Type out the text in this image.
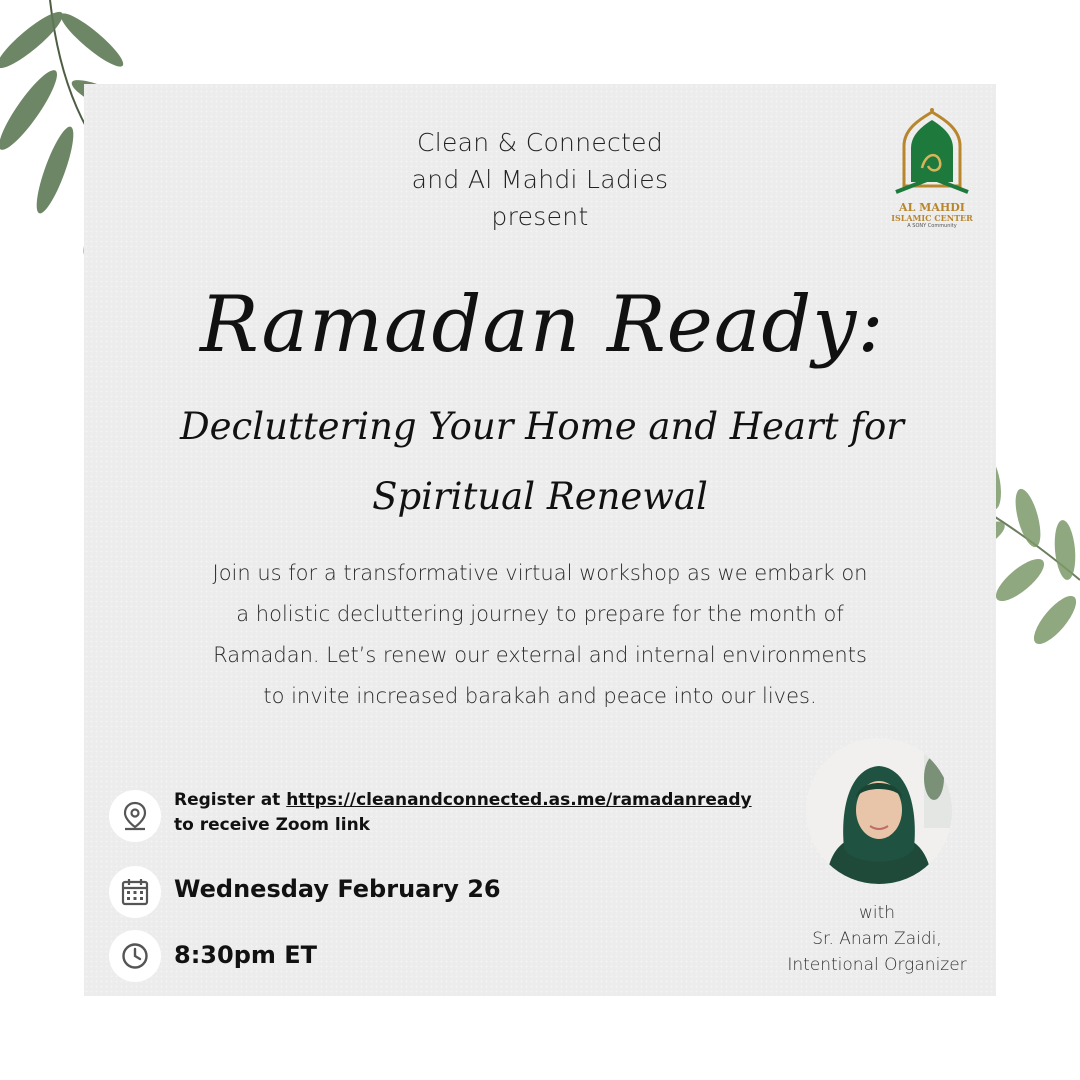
Clean & Connected
and Al Mahdi Ladies
present	AL MAHDI
ISLAMIC CENTER
A SONY Community
Ramadan Ready:
Decluttering Your Home and Heart for
Spiritual Renewal
Join us for a transformative virtual workshop as we embark on
a holistic decluttering journey to prepare for the month of
Ramadan. Let’s renew our external and internal environments
to invite increased barakah and peace into our lives.
Register at https://cleanandconnected.as.me/ramadanready
to receive Zoom link
Wednesday February 26
8:30pm ET
with
Sr. Anam Zaidi,
Intentional Organizer
